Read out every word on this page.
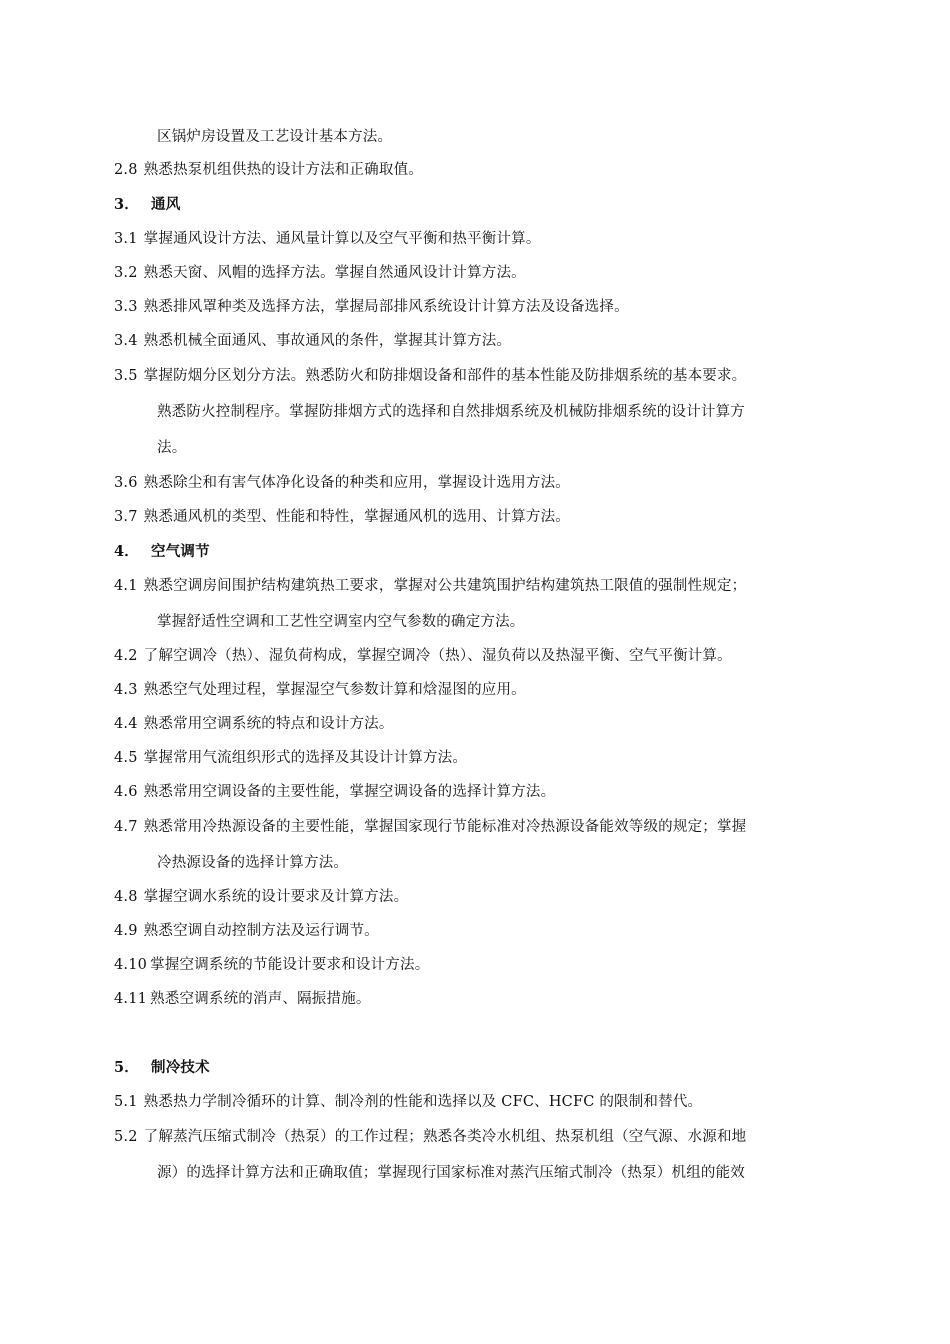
区锅炉房设置及工艺设计基本方法。
2.8 熟悉热泵机组供热的设计方法和正确取值。
3． 通风
3.1 掌握通风设计方法、通风量计算以及空气平衡和热平衡计算。
3.2 熟悉天窗、风帽的选择方法。掌握自然通风设计计算方法。
3.3 熟悉排风罩种类及选择方法，掌握局部排风系统设计计算方法及设备选择。
3.4 熟悉机械全面通风、事故通风的条件，掌握其计算方法。
3.5 掌握防烟分区划分方法。熟悉防火和防排烟设备和部件的基本性能及防排烟系统的基本要求。
熟悉防火控制程序。掌握防排烟方式的选择和自然排烟系统及机械防排烟系统的设计计算方
法。
3.6 熟悉除尘和有害气体净化设备的种类和应用，掌握设计选用方法。
3.7 熟悉通风机的类型、性能和特性，掌握通风机的选用、计算方法。
4． 空气调节
4.1 熟悉空调房间围护结构建筑热工要求，掌握对公共建筑围护结构建筑热工限值的强制性规定；
掌握舒适性空调和工艺性空调室内空气参数的确定方法。
4.2 了解空调冷（热）、湿负荷构成，掌握空调冷（热）、湿负荷以及热湿平衡、空气平衡计算。
4.3 熟悉空气处理过程，掌握湿空气参数计算和焓湿图的应用。
4.4 熟悉常用空调系统的特点和设计方法。
4.5 掌握常用气流组织形式的选择及其设计计算方法。
4.6 熟悉常用空调设备的主要性能，掌握空调设备的选择计算方法。
4.7 熟悉常用冷热源设备的主要性能，掌握国家现行节能标准对冷热源设备能效等级的规定；掌握
冷热源设备的选择计算方法。
4.8 掌握空调水系统的设计要求及计算方法。
4.9 熟悉空调自动控制方法及运行调节。
4.10 掌握空调系统的节能设计要求和设计方法。
4.11 熟悉空调系统的消声、隔振措施。
5． 制冷技术
5.1 熟悉热力学制冷循环的计算、制冷剂的性能和选择以及 CFC、HCFC 的限制和替代。
5.2 了解蒸汽压缩式制冷（热泵）的工作过程；熟悉各类冷水机组、热泵机组（空气源、水源和地
源）的选择计算方法和正确取值；掌握现行国家标准对蒸汽压缩式制冷（热泵）机组的能效
